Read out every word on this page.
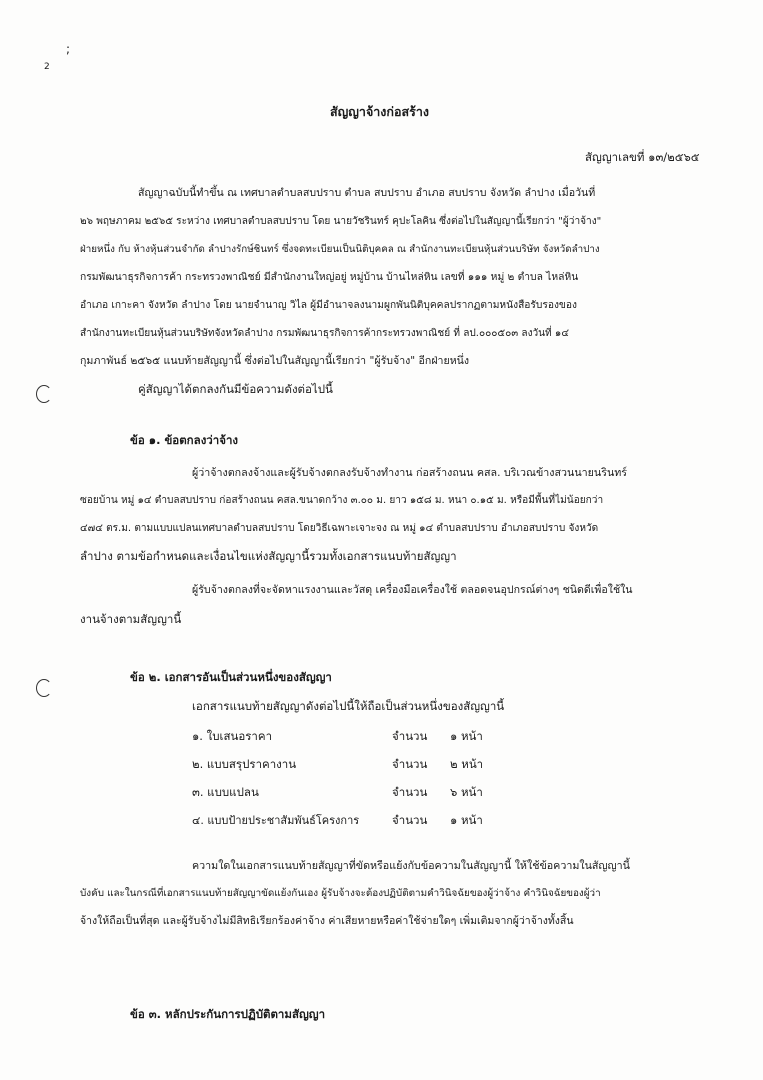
;
2
สัญญาจ้างก่อสร้าง
สัญญาเลขที่ ๑๓/๒๕๖๕
สัญญาฉบับนี้ทำขึ้น ณ เทศบาลตำบลสบปราบ ตำบล สบปราบ อำเภอ สบปราบ จังหวัด ลำปาง เมื่อวันที่
๒๖ พฤษภาคม ๒๕๖๕ ระหว่าง เทศบาลตำบลสบปราบ โดย นายวัชรินทร์ คุปะโลคิน ซึ่งต่อไปในสัญญานี้เรียกว่า "ผู้ว่าจ้าง"
ฝ่ายหนึ่ง กับ ห้างหุ้นส่วนจำกัด ลำปางรักษ์ชินทร์ ซึ่งจดทะเบียนเป็นนิติบุคคล ณ สำนักงานทะเบียนหุ้นส่วนบริษัท จังหวัดลำปาง
กรมพัฒนาธุรกิจการค้า กระทรวงพาณิชย์ มีสำนักงานใหญ่อยู่ หมู่บ้าน บ้านไหล่หิน เลขที่ ๑๑๑ หมู่ ๒ ตำบล ไหล่หิน
อำเภอ เกาะคา จังหวัด ลำปาง โดย นายจำนาญ วิไล ผู้มีอำนาจลงนามผูกพันนิติบุคคลปรากฏตามหนังสือรับรองของ
สำนักงานทะเบียนหุ้นส่วนบริษัทจังหวัดลำปาง กรมพัฒนาธุรกิจการค้ากระทรวงพาณิชย์ ที่ ลป.๐๐๐๕๐๓ ลงวันที่ ๑๔
กุมภาพันธ์ ๒๕๖๕ แนบท้ายสัญญานี้ ซึ่งต่อไปในสัญญานี้เรียกว่า "ผู้รับจ้าง" อีกฝ่ายหนึ่ง
คู่สัญญาได้ตกลงกันมีข้อความดังต่อไปนี้
ข้อ ๑. ข้อตกลงว่าจ้าง
ผู้ว่าจ้างตกลงจ้างและผู้รับจ้างตกลงรับจ้างทำงาน ก่อสร้างถนน คสล. บริเวณข้างสวนนายนรินทร์
ซอยบ้าน หมู่ ๑๔ ตำบลสบปราบ ก่อสร้างถนน คสล.ขนาดกว้าง ๓.๐๐ ม. ยาว ๑๕๘ ม. หนา ๐.๑๕ ม. หรือมีพื้นที่ไม่น้อยกว่า
๔๗๔ ตร.ม. ตามแบบแปลนเทศบาลตำบลสบปราบ โดยวิธีเฉพาะเจาะจง ณ หมู่ ๑๔ ตำบลสบปราบ อำเภอสบปราบ จังหวัด
ลำปาง ตามข้อกำหนดและเงื่อนไขแห่งสัญญานี้รวมทั้งเอกสารแนบท้ายสัญญา
ผู้รับจ้างตกลงที่จะจัดหาแรงงานและวัสดุ เครื่องมือเครื่องใช้ ตลอดจนอุปกรณ์ต่างๆ ชนิดดีเพื่อใช้ใน
งานจ้างตามสัญญานี้
ข้อ ๒. เอกสารอันเป็นส่วนหนึ่งของสัญญา
เอกสารแนบท้ายสัญญาดังต่อไปนี้ให้ถือเป็นส่วนหนึ่งของสัญญานี้
๑. ใบเสนอราคา	จำนวน ๑ หน้า
๒. แบบสรุปราคางาน	จำนวน ๒ หน้า
๓. แบบแปลน	จำนวน ๖ หน้า
๔. แบบป้ายประชาสัมพันธ์โครงการ	จำนวน ๑ หน้า
ความใดในเอกสารแนบท้ายสัญญาที่ขัดหรือแย้งกับข้อความในสัญญานี้ ให้ใช้ข้อความในสัญญานี้
บังคับ และในกรณีที่เอกสารแนบท้ายสัญญาขัดแย้งกันเอง ผู้รับจ้างจะต้องปฏิบัติตามคำวินิจฉัยของผู้ว่าจ้าง คำวินิจฉัยของผู้ว่า
จ้างให้ถือเป็นที่สุด และผู้รับจ้างไม่มีสิทธิเรียกร้องค่าจ้าง ค่าเสียหายหรือค่าใช้จ่ายใดๆ เพิ่มเติมจากผู้ว่าจ้างทั้งสิ้น
ข้อ ๓. หลักประกันการปฏิบัติตามสัญญา
